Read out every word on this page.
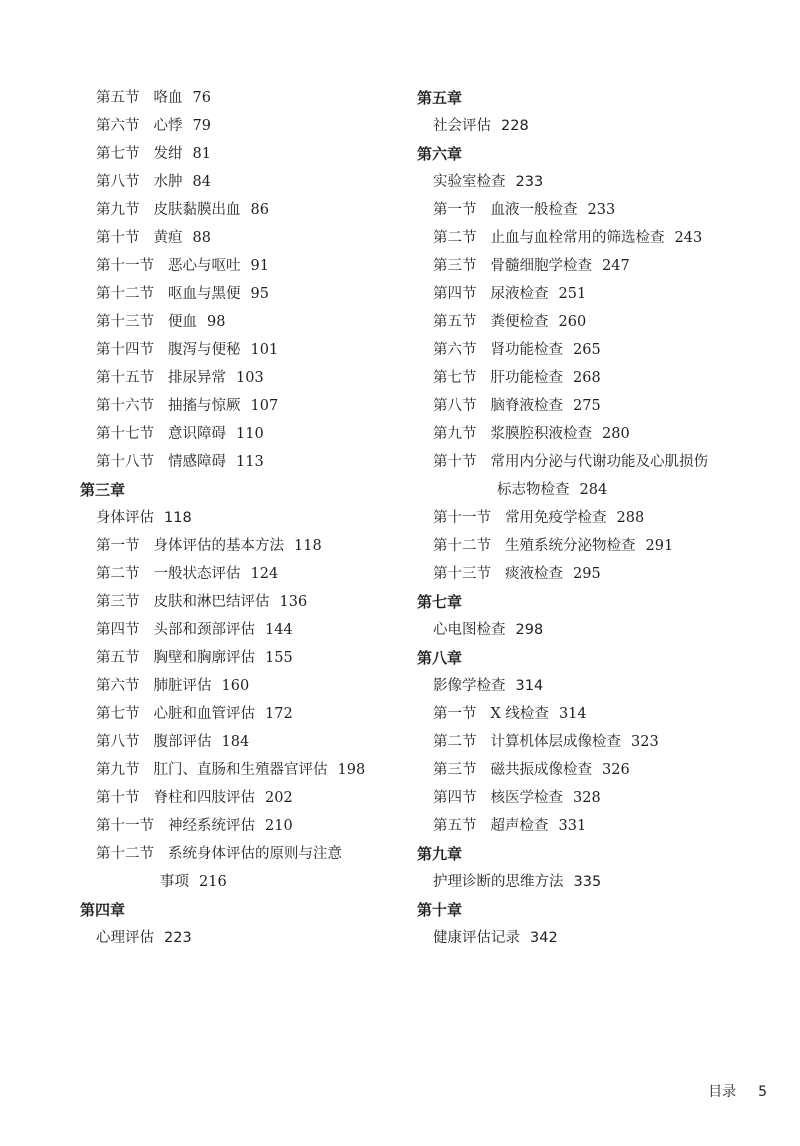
第五节 咯血 76
第六节 心悸 79
第七节 发绀 81
第八节 水肿 84
第九节 皮肤黏膜出血 86
第十节 黄疸 88
第十一节 恶心与呕吐 91
第十二节 呕血与黑便 95
第十三节 便血 98
第十四节 腹泻与便秘 101
第十五节 排尿异常 103
第十六节 抽搐与惊厥 107
第十七节 意识障碍 110
第十八节 情感障碍 113
第三章
身体评估 118
第一节 身体评估的基本方法 118
第二节 一般状态评估 124
第三节 皮肤和淋巴结评估 136
第四节 头部和颈部评估 144
第五节 胸壁和胸廓评估 155
第六节 肺脏评估 160
第七节 心脏和血管评估 172
第八节 腹部评估 184
第九节 肛门、直肠和生殖器官评估 198
第十节 脊柱和四肢评估 202
第十一节 神经系统评估 210
第十二节 系统身体评估的原则与注意
事项 216
第四章
心理评估 223
第五章
社会评估 228
第六章
实验室检查 233
第一节 血液一般检查 233
第二节 止血与血栓常用的筛选检查 243
第三节 骨髓细胞学检查 247
第四节 尿液检查 251
第五节 粪便检查 260
第六节 肾功能检查 265
第七节 肝功能检查 268
第八节 脑脊液检查 275
第九节 浆膜腔积液检查 280
第十节 常用内分泌与代谢功能及心肌损伤
标志物检查 284
第十一节 常用免疫学检查 288
第十二节 生殖系统分泌物检查 291
第十三节 痰液检查 295
第七章
心电图检查 298
第八章
影像学检查 314
第一节 X 线检查 314
第二节 计算机体层成像检查 323
第三节 磁共振成像检查 326
第四节 核医学检查 328
第五节 超声检查 331
第九章
护理诊断的思维方法 335
第十章
健康评估记录 342
目录 5
